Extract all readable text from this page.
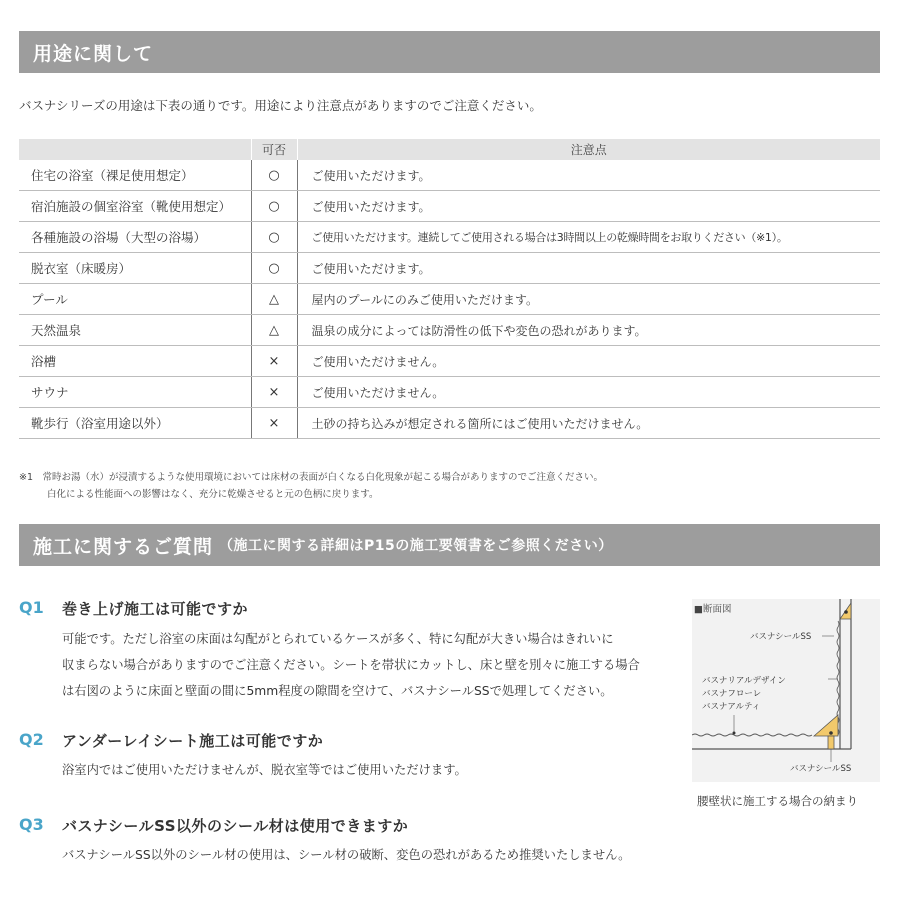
用途に関して
バスナシリーズの用途は下表の通りです。用途により注意点がありますのでご注意ください。
	可否	注意点
住宅の浴室（裸足使用想定）	○	ご使用いただけます。
宿泊施設の個室浴室（靴使用想定）	○	ご使用いただけます。
各種施設の浴場（大型の浴場）	○	ご使用いただけます。連続してご使用される場合は3時間以上の乾燥時間をお取りください（※1）。
脱衣室（床暖房）	○	ご使用いただけます。
プール	△	屋内のプールにのみご使用いただけます。
天然温泉	△	温泉の成分によっては防滑性の低下や変色の恐れがあります。
浴槽	×	ご使用いただけません。
サウナ	×	ご使用いただけません。
靴歩行（浴室用途以外）	×	土砂の持ち込みが想定される箇所にはご使用いただけません。
※1　常時お湯（水）が浸漬するような使用環境においては床材の表面が白くなる白化現象が起こる場合がありますのでご注意ください。
白化による性能面への影響はなく、充分に乾燥させると元の色柄に戻ります。
施工に関するご質問 （施工に関する詳細はP15の施工要領書をご参照ください）
Q1 巻き上げ施工は可能ですか
可能です。ただし浴室の床面は勾配がとられているケースが多く、特に勾配が大きい場合はきれいに
収まらない場合がありますのでご注意ください。シートを帯状にカットし、床と壁を別々に施工する場合
は右図のように床面と壁面の間に5mm程度の隙間を空けて、バスナシールSSで処理してください。
Q2 アンダーレイシート施工は可能ですか
浴室内ではご使用いただけませんが、脱衣室等ではご使用いただけます。
Q3 バスナシールSS以外のシール材は使用できますか
バスナシールSS以外のシール材の使用は、シール材の破断、変色の恐れがあるため推奨いたしません。
■断面図
バスナシールSS
バスナリアルデザイン
バスナフローレ
バスナアルティ
バスナシールSS
腰壁状に施工する場合の納まり
